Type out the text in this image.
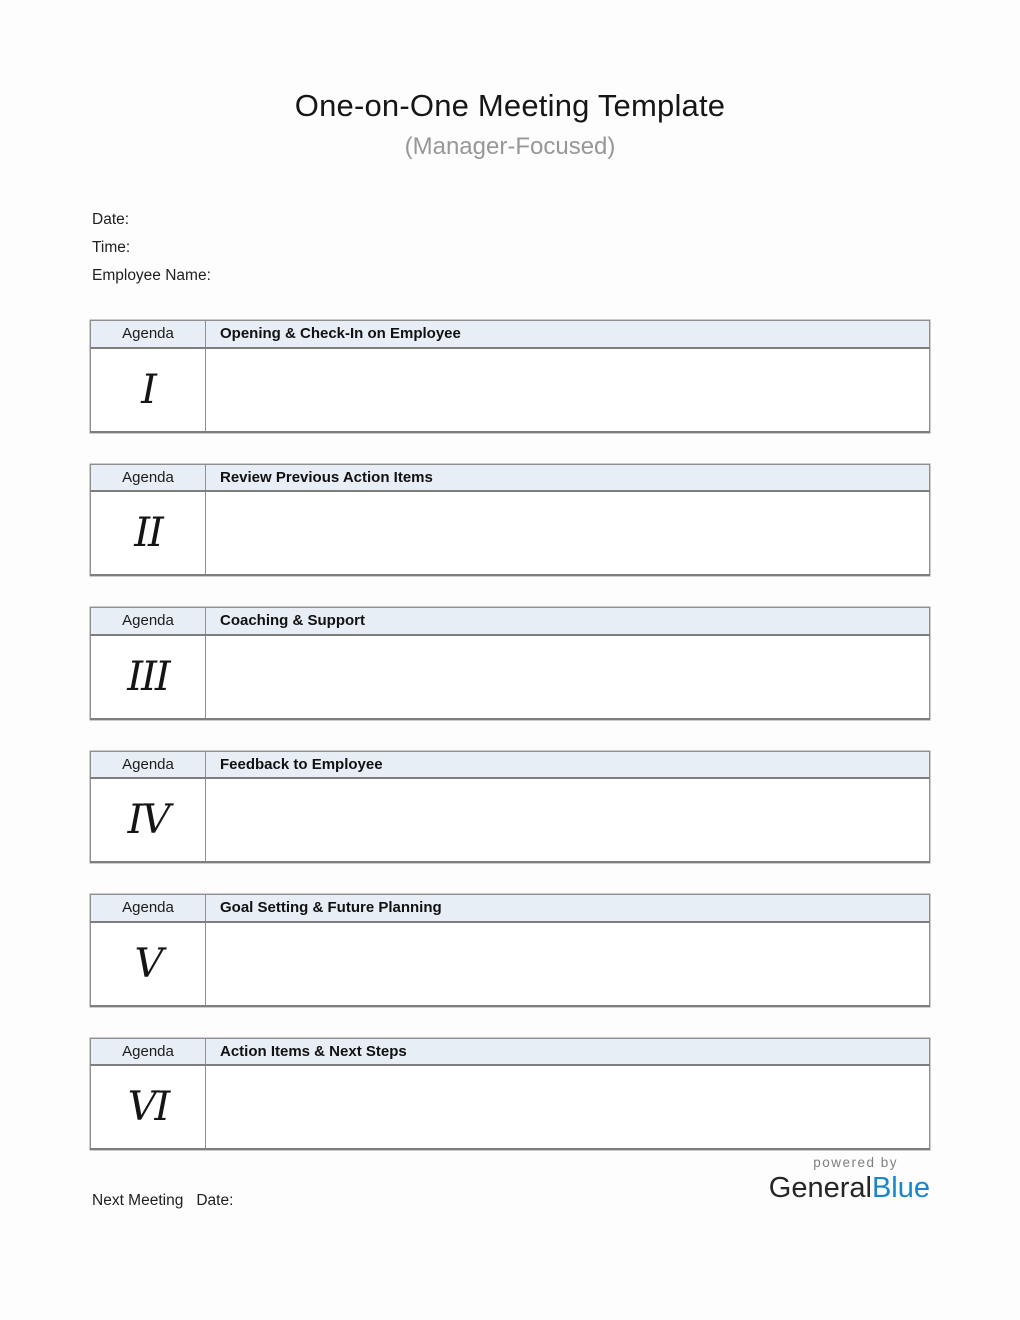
One-on-One Meeting Template
(Manager-Focused)
Date:
Time:
Employee Name:
Agenda	Opening & Check-In on Employee
I	
Agenda	Review Previous Action Items
II	
Agenda	Coaching & Support
III	
Agenda	Feedback to Employee
IV	
Agenda	Goal Setting & Future Planning
V	
Agenda	Action Items & Next Steps
VI	
powered by
GeneralBlue
Next Meeting Date:
